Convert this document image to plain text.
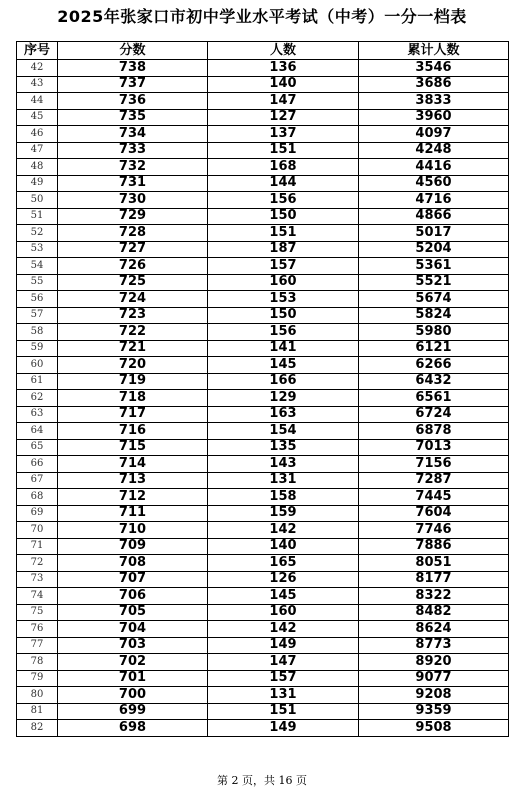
2025年张家口市初中学业水平考试（中考）一分一档表
序号	分数	人数	累计人数
42	738	136	3546
43	737	140	3686
44	736	147	3833
45	735	127	3960
46	734	137	4097
47	733	151	4248
48	732	168	4416
49	731	144	4560
50	730	156	4716
51	729	150	4866
52	728	151	5017
53	727	187	5204
54	726	157	5361
55	725	160	5521
56	724	153	5674
57	723	150	5824
58	722	156	5980
59	721	141	6121
60	720	145	6266
61	719	166	6432
62	718	129	6561
63	717	163	6724
64	716	154	6878
65	715	135	7013
66	714	143	7156
67	713	131	7287
68	712	158	7445
69	711	159	7604
70	710	142	7746
71	709	140	7886
72	708	165	8051
73	707	126	8177
74	706	145	8322
75	705	160	8482
76	704	142	8624
77	703	149	8773
78	702	147	8920
79	701	157	9077
80	700	131	9208
81	699	151	9359
82	698	149	9508
第 2 页，共 16 页
